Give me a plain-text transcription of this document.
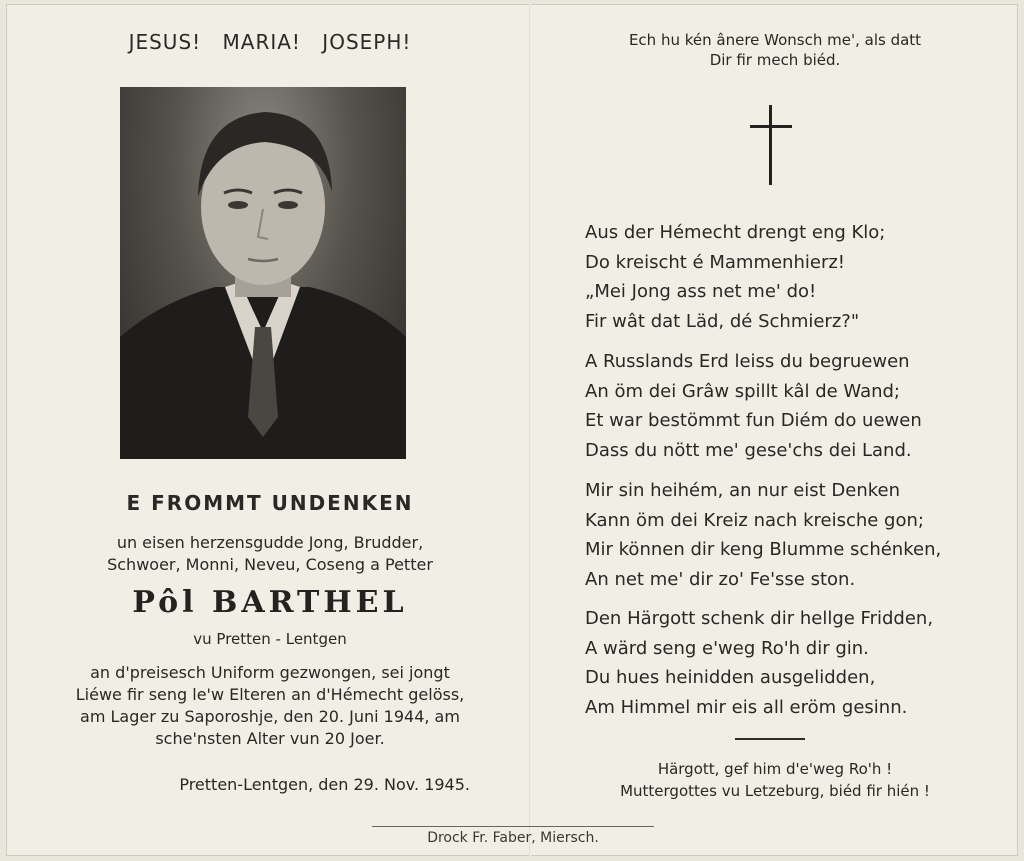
JESUS! MARIA! JOSEPH!

E FROMMT UNDENKEN

un eisen herzensgudde Jong, Brudder,
Schwoer, Monni, Neveu, Coseng a Petter

Pôl BARTHEL

vu Pretten - Lentgen

an d'preisesch Uniform gezwongen, sei jongt
Liéwe fir seng le'w Elteren an d'Hémecht gelöss,
am Lager zu Saporoshje, den 20. Juni 1944, am
sche'nsten Alter vun 20 Joer.

Pretten-Lentgen, den 29. Nov. 1945.

Drock Fr. Faber, Miersch.

Ech hu kén ânere Wonsch me', als datt
Dir fir mech biéd.
Aus der Hémecht drengt eng Klo;
Do kreischt é Mammenhierz!
„Mei Jong ass net me' do!
Fir wât dat Läd, dé Schmierz?"
A Russlands Erd leiss du begruewen
An öm dei Grâw spillt kâl de Wand;
Et war bestömmt fun Diém do uewen
Dass du nött me' gese'chs dei Land.
Mir sin heihém, an nur eist Denken
Kann öm dei Kreiz nach kreische gon;
Mir können dir keng Blumme schénken,
An net me' dir zo' Fe'sse ston.
Den Härgott schenk dir hellge Fridden,
A wärd seng e'weg Ro'h dir gin.
Du hues heinidden ausgelidden,
Am Himmel mir eis all eröm gesinn.
Härgott, gef him d'e'weg Ro'h !
Muttergottes vu Letzeburg, biéd fir hién !
